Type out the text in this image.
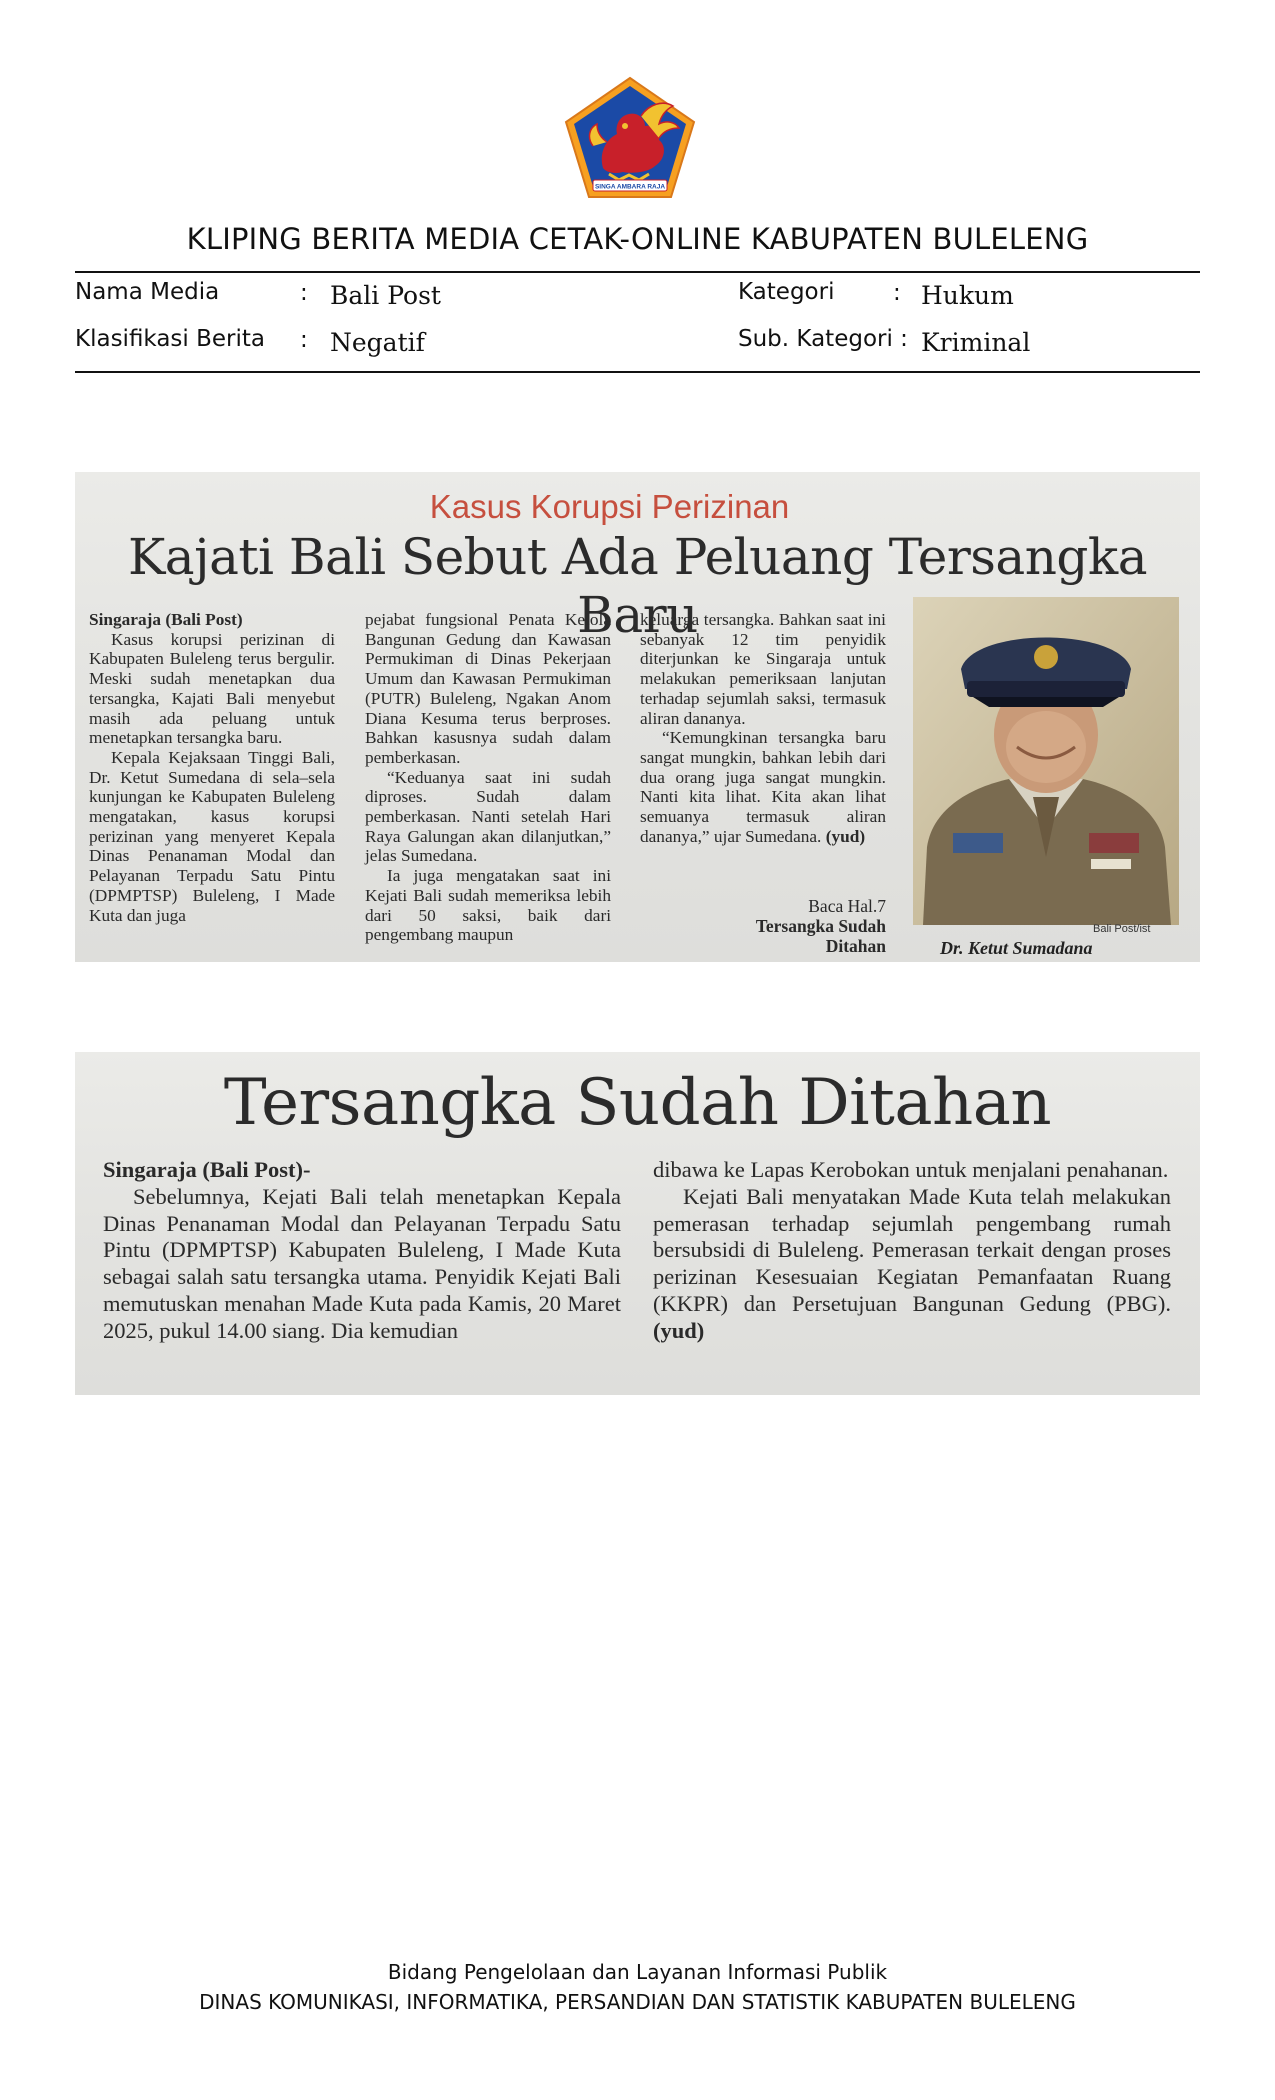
SINGA AMBARA RAJA
KLIPING BERITA MEDIA CETAK-ONLINE KABUPATEN BULELENG
Nama Media	: Bali Post
Klasifikasi Berita : Negatif
Kategori	: Hukum
Sub. Kategori : Kriminal
Kasus Korupsi Perizinan
Kajati Bali Sebut Ada Peluang Tersangka Baru

Singaraja (Bali Post)

Kasus korupsi perizinan di Kabupaten Buleleng terus bergulir. Meski sudah menetapkan dua tersangka, Kajati Bali menyebut masih ada peluang untuk menetapkan tersangka baru.

Kepala Kejaksaan Tinggi Bali, Dr. Ketut Sumedana di sela–sela kunjungan ke Kabupaten Buleleng mengatakan, kasus korupsi perizinan yang menyeret Kepala Dinas Penanaman Modal dan Pelayanan Terpadu Satu Pintu (DPMPTSP) Buleleng, I Made Kuta dan juga

pejabat fungsional Penata Kelola Bangunan Gedung dan Kawasan Permukiman di Dinas Pekerjaan Umum dan Kawasan Permukiman (PUTR) Buleleng, Ngakan Anom Diana Kesuma terus berproses. Bahkan kasusnya sudah dalam pemberkasan.

“Keduanya saat ini sudah diproses. Sudah dalam pemberkasan. Nanti setelah Hari Raya Galungan akan dilanjutkan,” jelas Sumedana.

Ia juga mengatakan saat ini Kejati Bali sudah memeriksa lebih dari 50 saksi, baik dari pengembang maupun

keluarga tersangka. Bahkan saat ini sebanyak 12 tim penyidik diterjunkan ke Singaraja untuk melakukan pemeriksaan lanjutan terhadap sejumlah saksi, termasuk aliran dananya.

“Kemungkinan tersangka baru sangat mungkin, bahkan lebih dari dua orang juga sangat mungkin. Nanti kita lihat. Kita akan lihat semuanya termasuk aliran dananya,” ujar Sumedana. (yud)

Baca Hal.7
Tersangka Sudah Ditahan
Bali Post/ist
Dr. Ketut Sumadana
Tersangka Sudah Ditahan

Singaraja (Bali Post)-

Sebelumnya, Kejati Bali telah menetapkan Kepala Dinas Penanaman Modal dan Pelayanan Terpadu Satu Pintu (DPMPTSP) Kabupaten Buleleng, I Made Kuta sebagai salah satu tersangka utama. Penyidik Kejati Bali memutuskan menahan Made Kuta pada Kamis, 20 Maret 2025, pukul 14.00 siang. Dia kemudian

dibawa ke Lapas Kerobokan untuk menjalani penahanan.

Kejati Bali menyatakan Made Kuta telah melakukan pemerasan terhadap sejumlah pengembang rumah bersubsidi di Buleleng. Pemerasan terkait dengan proses perizinan Kesesuaian Kegiatan Pemanfaatan Ruang (KKPR) dan Persetujuan Bangunan Gedung (PBG). (yud)

Bidang Pengelolaan dan Layanan Informasi Publik
DINAS KOMUNIKASI, INFORMATIKA, PERSANDIAN DAN STATISTIK KABUPATEN BULELENG
